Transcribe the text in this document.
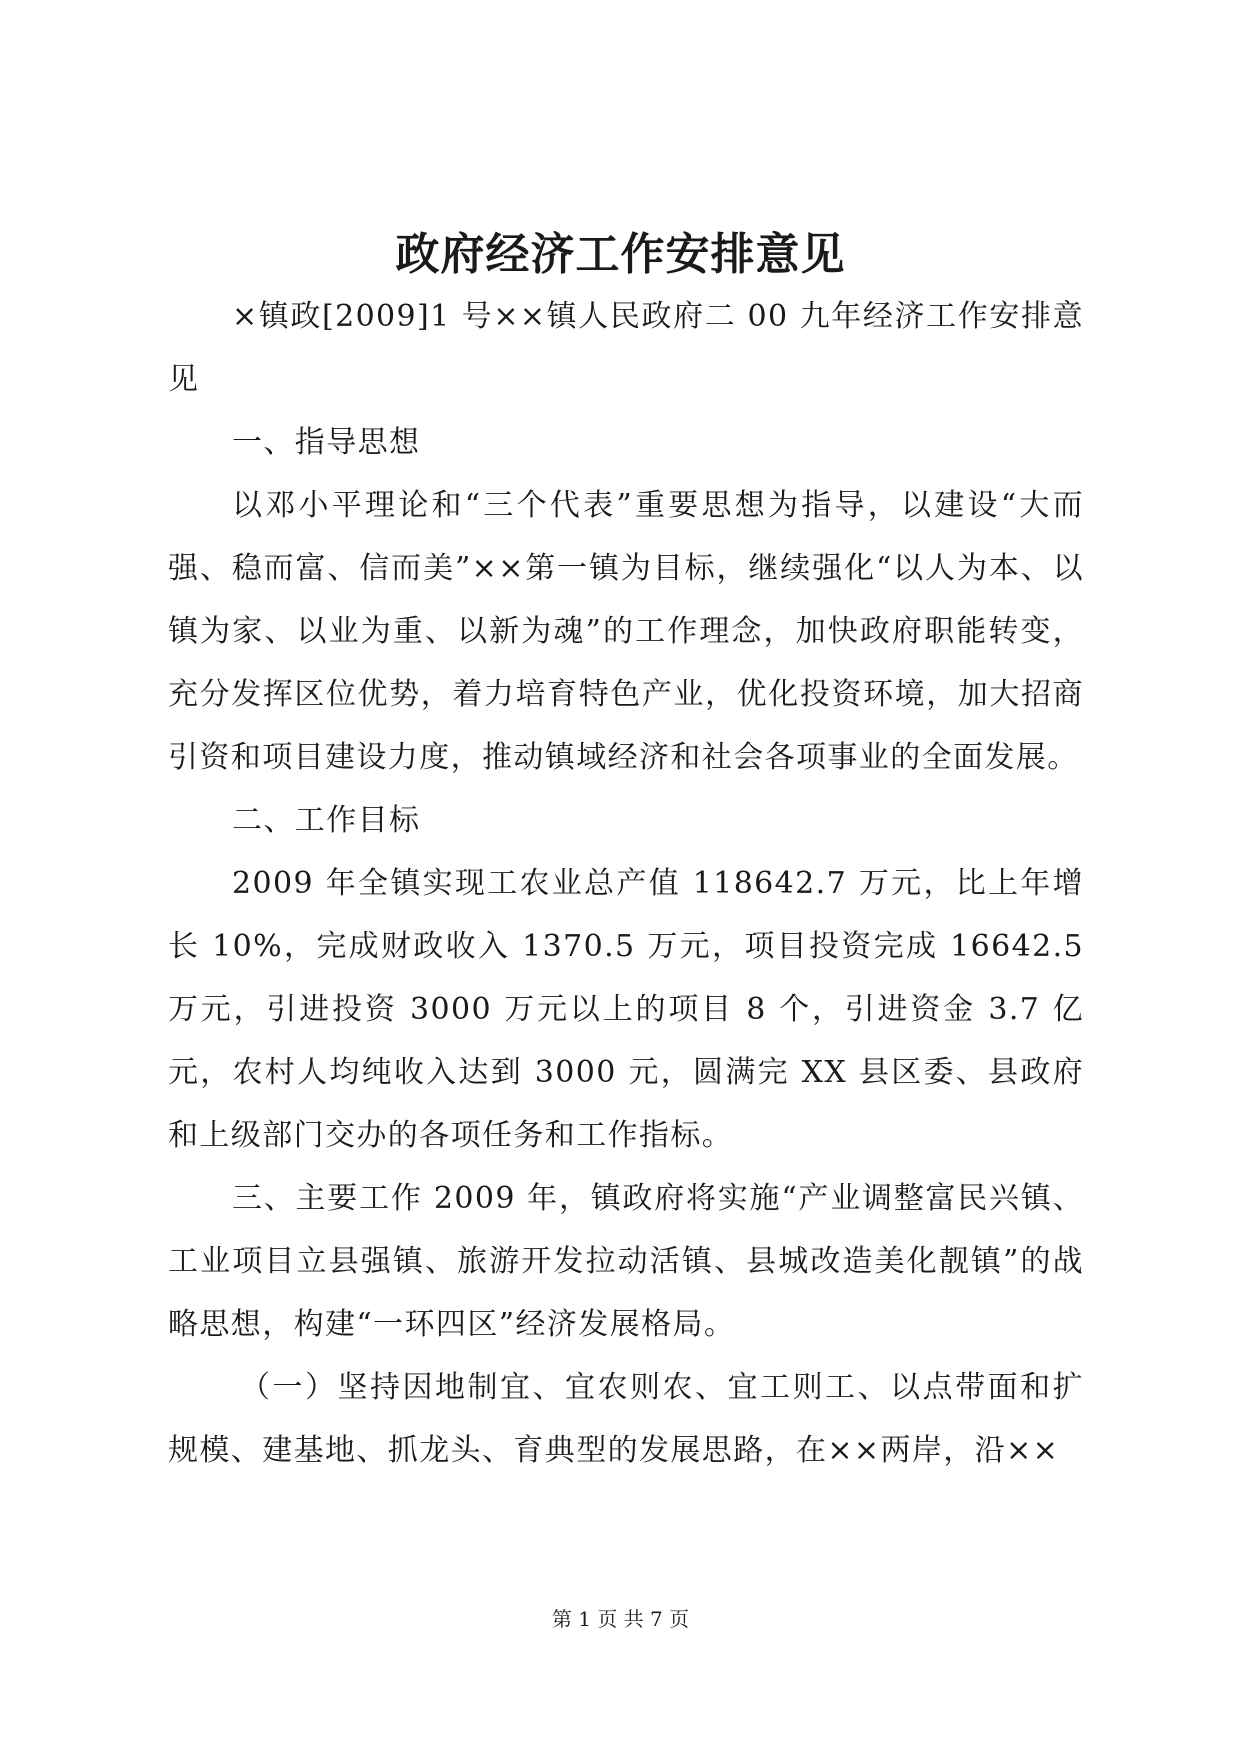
政府经济工作安排意见

×镇政[2009]1 号××镇人民政府二 00 九年经济工作安排意见

一、指导思想

以邓小平理论和“三个代表”重要思想为指导，以建设“大而强、稳而富、信而美”××第一镇为目标，继续强化“以人为本、以镇为家、以业为重、以新为魂”的工作理念，加快政府职能转变，充分发挥区位优势，着力培育特色产业，优化投资环境，加大招商引资和项目建设力度，推动镇域经济和社会各项事业的全面发展。

二、工作目标

2009 年全镇实现工农业总产值 118642.7 万元，比上年增长 10%，完成财政收入 1370.5 万元，项目投资完成 16642.5 万元，引进投资 3000 万元以上的项目 8 个，引进资金 3.7 亿元，农村人均纯收入达到 3000 元，圆满完 XX 县区委、县政府和上级部门交办的各项任务和工作指标。

三、主要工作 2009 年，镇政府将实施“产业调整富民兴镇、工业项目立县强镇、旅游开发拉动活镇、县城改造美化靓镇”的战略思想，构建“一环四区”经济发展格局。

（一）坚持因地制宜、宜农则农、宜工则工、以点带面和扩规模、建基地、抓龙头、育典型的发展思路，在××两岸，沿××

第 1 页 共 7 页
